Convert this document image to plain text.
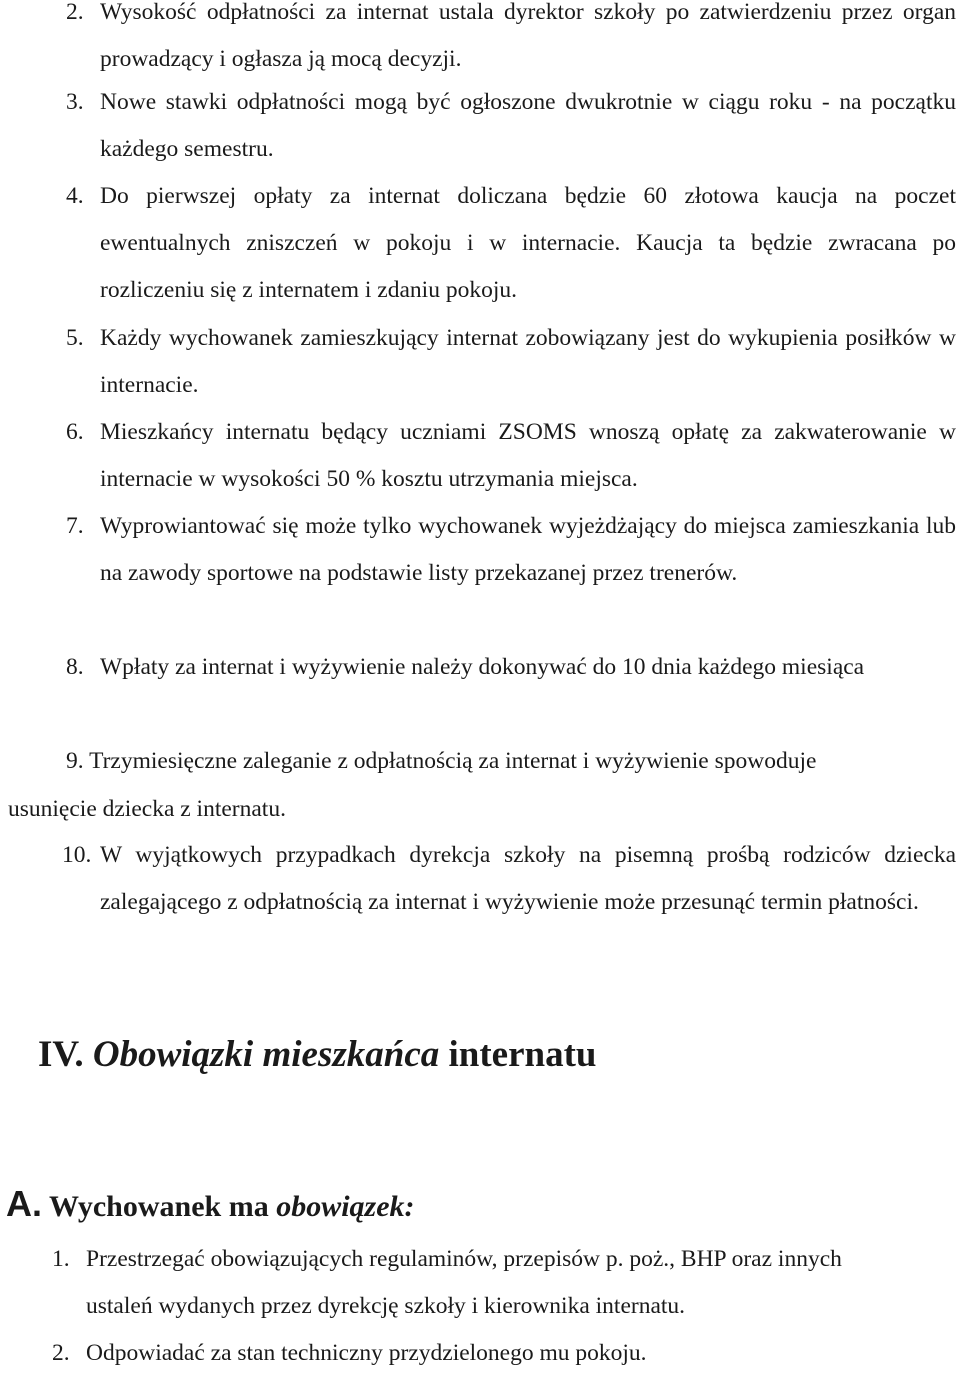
2. Wysokość odpłatności za internat ustala dyrektor szkoły po zatwierdzeniu przez organ prowadzący i ogłasza ją mocą decyzji.
3. Nowe stawki odpłatności mogą być ogłoszone dwukrotnie w ciągu roku - na początku każdego semestru.
4. Do pierwszej opłaty za internat doliczana będzie 60 złotowa kaucja na poczet ewentualnych zniszczeń w pokoju i w internacie. Kaucja ta będzie zwracana po rozliczeniu się z internatem i zdaniu pokoju.
5. Każdy wychowanek zamieszkujący internat zobowiązany jest do wykupienia posiłków w internacie.
6. Mieszkańcy internatu będący uczniami ZSOMS wnoszą opłatę za zakwaterowanie w internacie w wysokości 50 % kosztu utrzymania miejsca.
7. Wyprowiantować się może tylko wychowanek wyjeżdżający do miejsca zamieszkania lub na zawody sportowe na podstawie listy przekazanej przez trenerów.
8. Wpłaty za internat i wyżywienie należy dokonywać do 10 dnia każdego miesiąca
9. Trzymiesięczne zaleganie z odpłatnością za internat i wyżywienie spowoduje
usunięcie dziecka z internatu.
10. W wyjątkowych przypadkach dyrekcja szkoły na pisemną prośbą rodziców dziecka zalegającego z odpłatnością za internat i wyżywienie może przesunąć termin płatności.
IV. Obowiązki mieszkańca internatu
A. Wychowanek ma obowiązek:
1. Przestrzegać obowiązujących regulaminów, przepisów p. poż., BHP oraz innych ustaleń wydanych przez dyrekcję szkoły i kierownika internatu.
2. Odpowiadać za stan techniczny przydzielonego mu pokoju.
